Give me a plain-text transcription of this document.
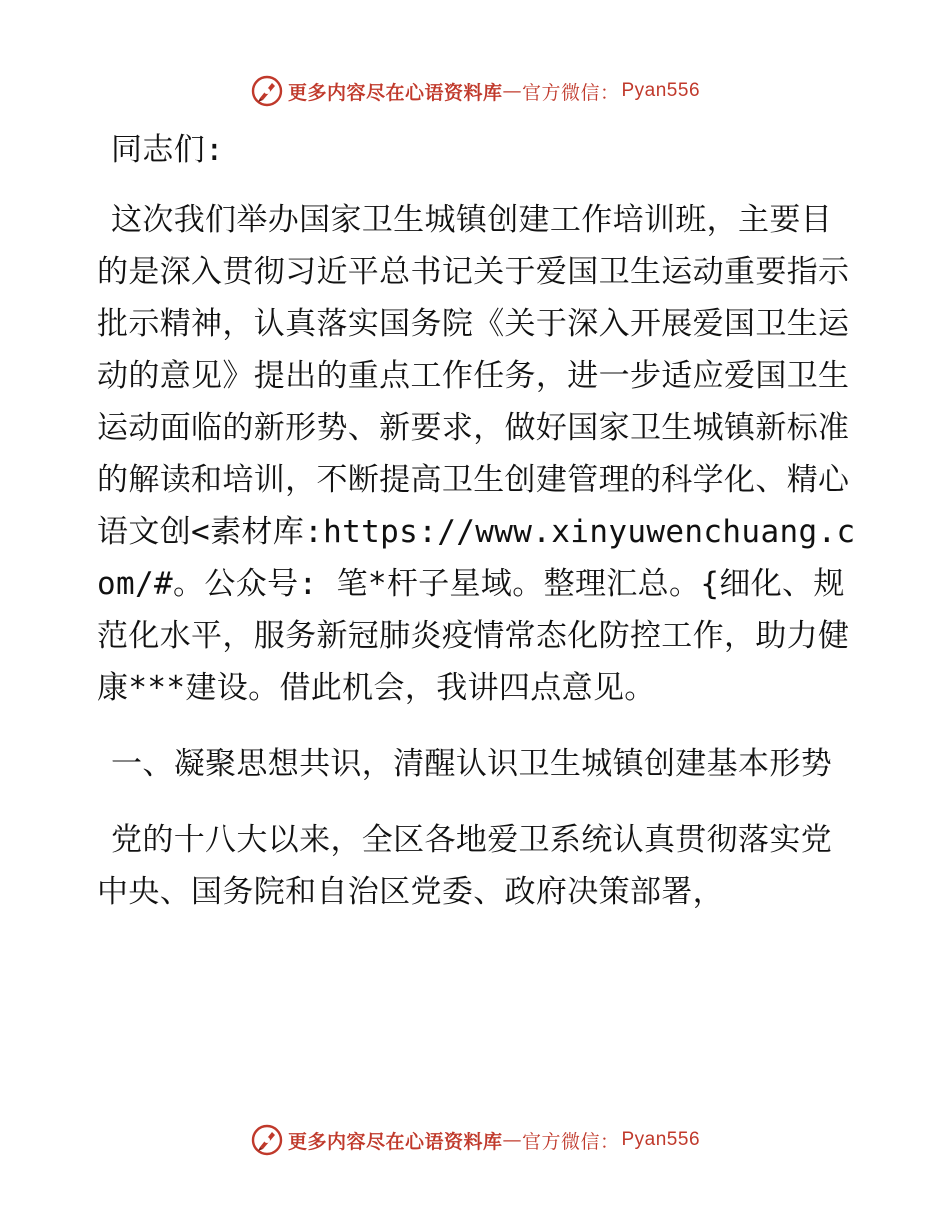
更多内容尽在心语资料库 — 官方微信： Pyan556

同志们:

这次我们举办国家卫生城镇创建工作培训班，主要目的是深入贯彻习近平总书记关于爱国卫生运动重要指示批示精神，认真落实国务院《关于深入开展爱国卫生运动的意见》提出的重点工作任务，进一步适应爱国卫生运动面临的新形势、新要求，做好国家卫生城镇新标准的解读和培训，不断提高卫生创建管理的科学化、精心语文创<素材库:https://www.xinyuwenchuang.com/#。公众号: 笔*杆子星域。整理汇总。{细化、规范化水平，服务新冠肺炎疫情常态化防控工作，助力健康***建设。借此机会，我讲四点意见。

一、凝聚思想共识，清醒认识卫生城镇创建基本形势

党的十八大以来，全区各地爱卫系统认真贯彻落实党中央、国务院和自治区党委、政府决策部署，

更多内容尽在心语资料库 — 官方微信： Pyan556
